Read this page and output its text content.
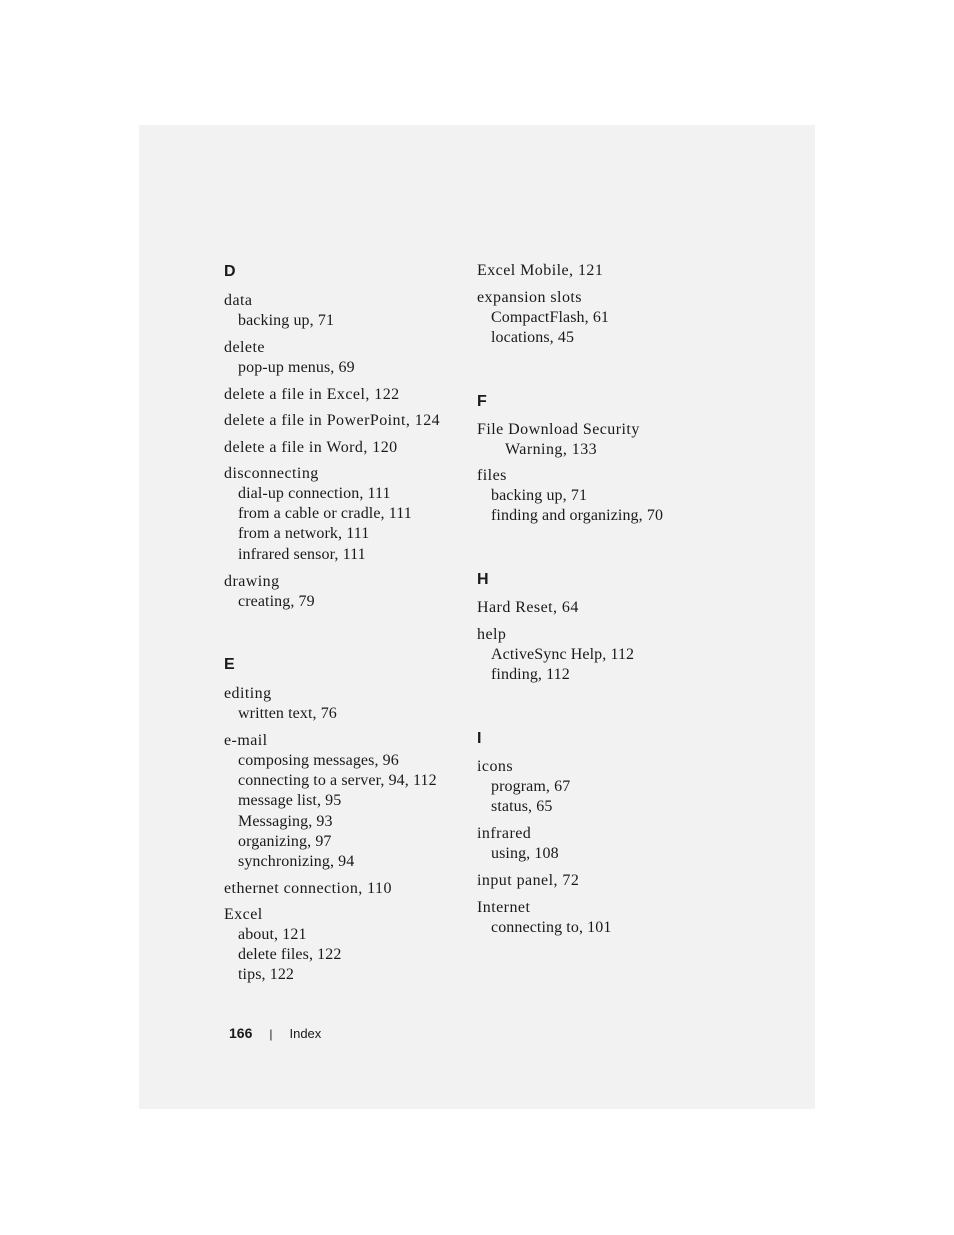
D
data
backing up, 71
delete
pop-up menus, 69
delete a file in Excel, 122
delete a file in PowerPoint, 124
delete a file in Word, 120
disconnecting
dial-up connection, 111
from a cable or cradle, 111
from a network, 111
infrared sensor, 111
drawing
creating, 79
E
editing
written text, 76
e-mail
composing messages, 96
connecting to a server, 94, 112
message list, 95
Messaging, 93
organizing, 97
synchronizing, 94
ethernet connection, 110
Excel
about, 121
delete files, 122
tips, 122
Excel Mobile, 121
expansion slots
CompactFlash, 61
locations, 45
F
File Download Security
Warning, 133
files
backing up, 71
finding and organizing, 70
H
Hard Reset, 64
help
ActiveSync Help, 112
finding, 112
I
icons
program, 67
status, 65
infrared
using, 108
input panel, 72
Internet
connecting to, 101
166 | Index
